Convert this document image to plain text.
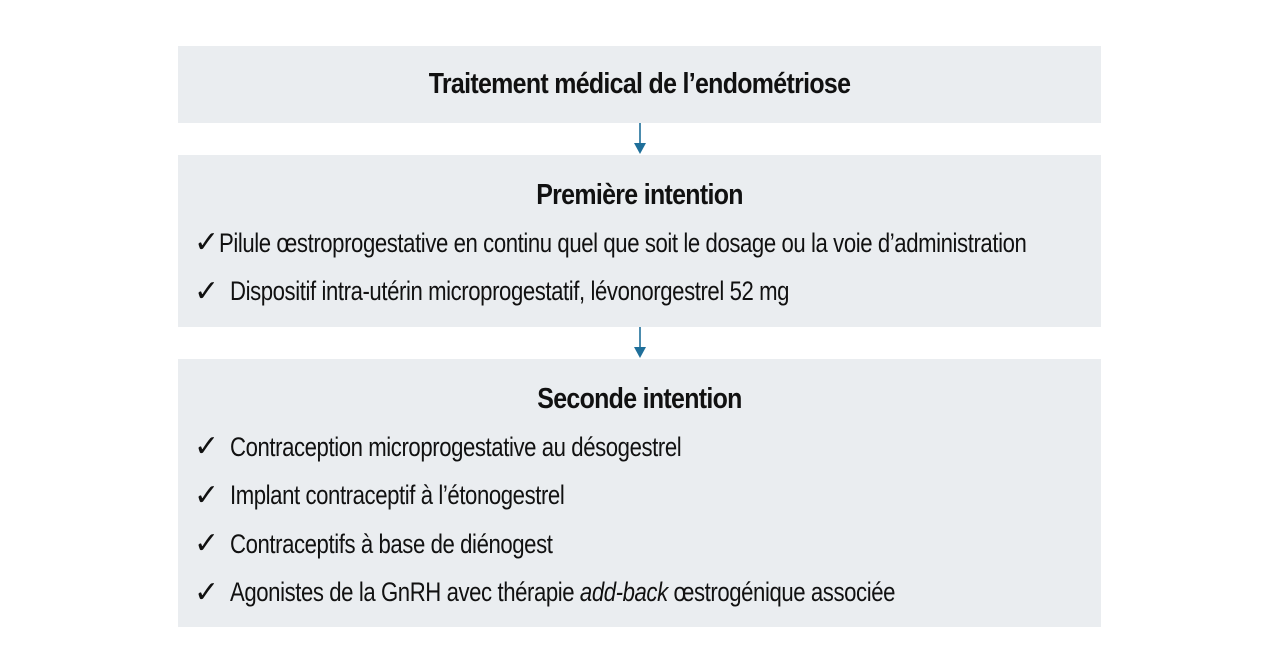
Traitement médical de l’endométriose
Première intention
✓ Pilule œstroprogestative en continu quel que soit le dosage ou la voie d’administration
✓ Dispositif intra-utérin microprogestatif, lévonorgestrel 52 mg
Seconde intention
✓ Contraception microprogestative au désogestrel
✓ Implant contraceptif à l’étonogestrel
✓ Contraceptifs à base de diénogest
✓ Agonistes de la GnRH avec thérapie add-back œstrogénique associée
